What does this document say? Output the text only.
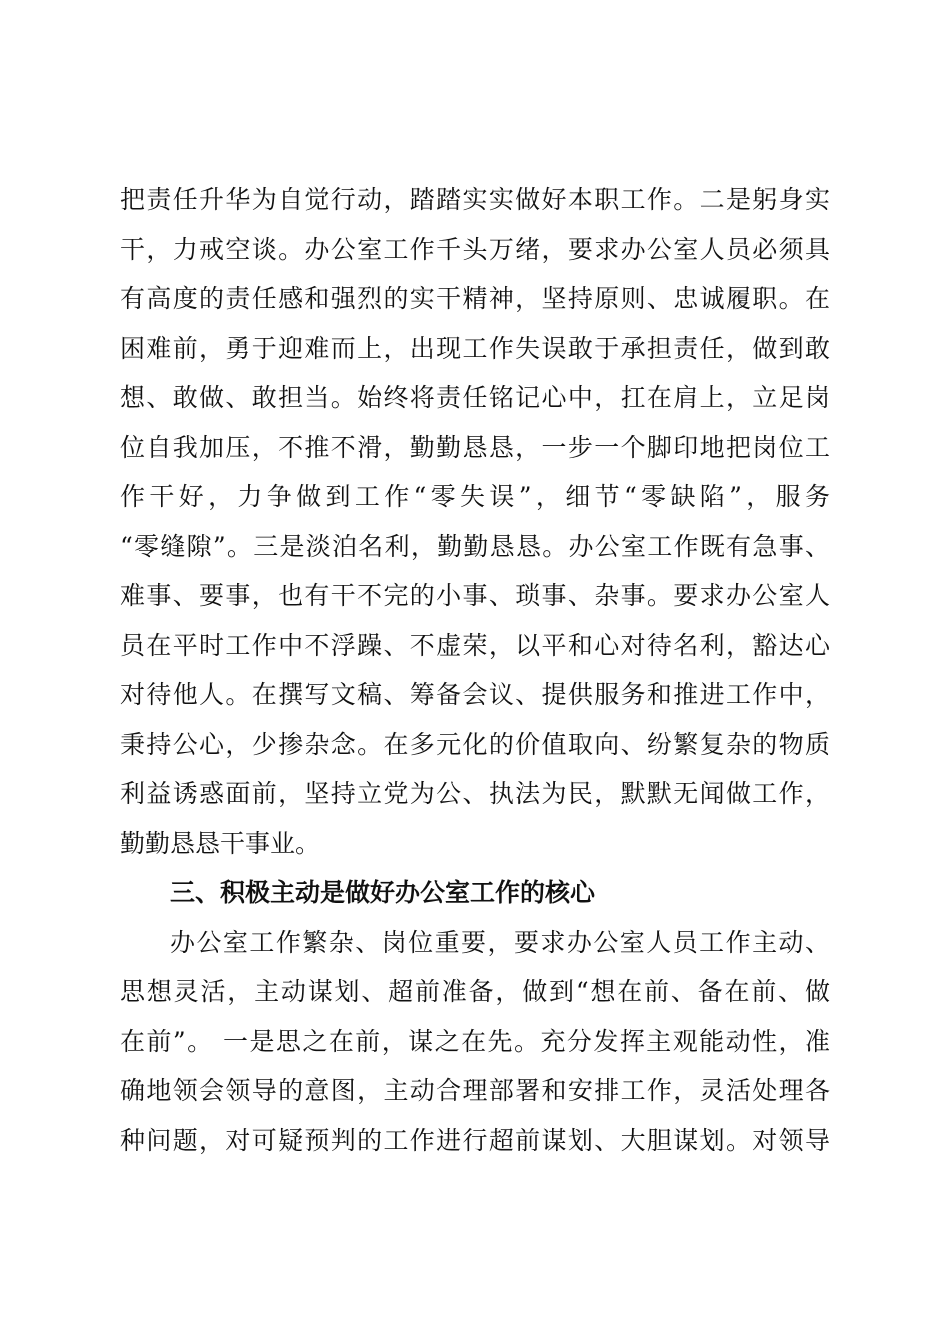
把责任升华为自觉行动，踏踏实实做好本职工作。二是躬身实
干，力戒空谈。办公室工作千头万绪，要求办公室人员必须具
有高度的责任感和强烈的实干精神，坚持原则、忠诚履职。在
困难前，勇于迎难而上，出现工作失误敢于承担责任，做到敢
想、敢做、敢担当。始终将责任铭记心中，扛在肩上，立足岗
位自我加压，不推不滑，勤勤恳恳，一步一个脚印地把岗位工
作干好，力争做到工作“零失误”，细节“零缺陷”，服务
“零缝隙”。三是淡泊名利，勤勤恳恳。办公室工作既有急事、
难事、要事，也有干不完的小事、琐事、杂事。要求办公室人
员在平时工作中不浮躁、不虚荣，以平和心对待名利，豁达心
对待他人。在撰写文稿、筹备会议、提供服务和推进工作中，
秉持公心，少掺杂念。在多元化的价值取向、纷繁复杂的物质
利益诱惑面前，坚持立党为公、执法为民，默默无闻做工作，
勤勤恳恳干事业。
三、积极主动是做好办公室工作的核心
办公室工作繁杂、岗位重要，要求办公室人员工作主动、
思想灵活，主动谋划、超前准备，做到“想在前、备在前、做
在前”。 一是思之在前，谋之在先。充分发挥主观能动性，准
确地领会领导的意图，主动合理部署和安排工作，灵活处理各
种问题，对可疑预判的工作进行超前谋划、大胆谋划。对领导
